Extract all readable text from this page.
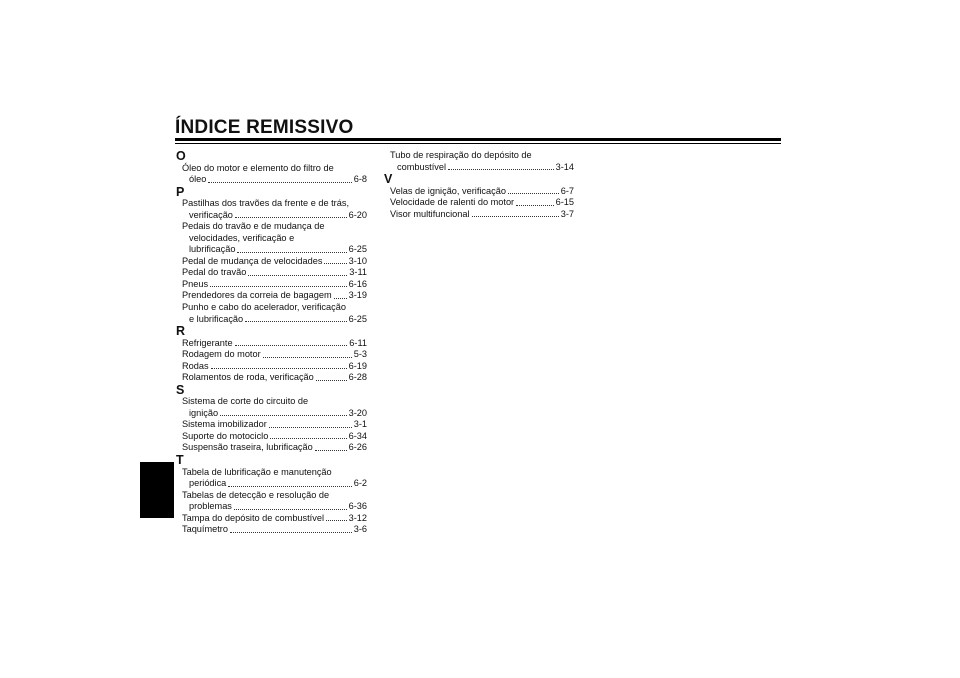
ÍNDICE REMISSIVO
O
Óleo do motor e elemento do filtro de
óleo	6-8
P
Pastilhas dos travões da frente e de trás,
verificação	6-20
Pedais do travão e de mudança de
velocidades, verificação e
lubrificação	6-25
Pedal de mudança de velocidades	3-10
Pedal do travão	3-11
Pneus	6-16
Prendedores da correia de bagagem 3-19
Punho e cabo do acelerador, verificação
e lubrificação	6-25
R
Refrigerante	6-11
Rodagem do motor	5-3
Rodas	6-19
Rolamentos de roda, verificação	6-28
S
Sistema de corte do circuito de
ignição	3-20
Sistema imobilizador	3-1
Suporte do motociclo	6-34
Suspensão traseira, lubrificação	6-26
T
Tabela de lubrificação e manutenção
periódica	6-2
Tabelas de detecção e resolução de
problemas	6-36
Tampa do depósito de combustível	3-12
Taquímetro	3-6
Tubo de respiração do depósito de
combustível	3-14
V
Velas de ignição, verificação	6-7
Velocidade de ralenti do motor	6-15
Visor multifuncional	3-7
